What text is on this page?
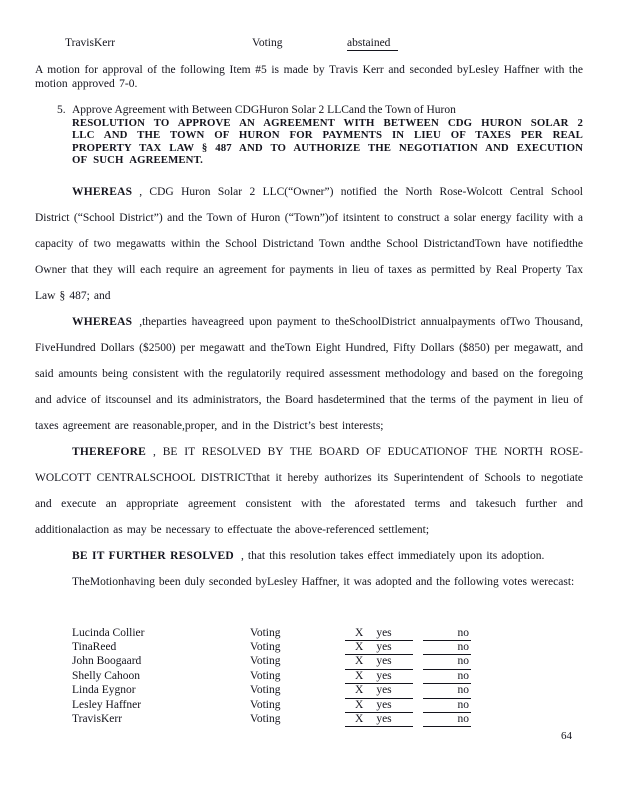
TravisKerr	Voting	abstained

A motion for approval of the following Item #5 is made by Travis Kerr and seconded byLesley Haffner with the motion approved 7-0.

5. Approve Agreement with Between CDGHuron Solar 2 LLCand the Town of Huron

RESOLUTION TO APPROVE AN AGREEMENT WITH BETWEEN CDG HURON SOLAR 2 LLC AND THE TOWN OF HURON FOR PAYMENTS IN LIEU OF TAXES PER REAL PROPERTY TAX LAW § 487 AND TO AUTHORIZE THE NEGOTIATION AND EXECUTION OF SUCH AGREEMENT.

WHEREAS , CDG Huron Solar 2 LLC(“Owner”) notified the North Rose-Wolcott Central School District (“School District”) and the Town of Huron (“Town”)of itsintent to construct a solar energy facility with a capacity of two megawatts within the School Districtand Town andthe School DistrictandTown have notifiedthe Owner that they will each require an agreement for payments in lieu of taxes as permitted by Real Property Tax Law § 487; and

WHEREAS ,theparties haveagreed upon payment to theSchoolDistrict annualpayments ofTwo Thousand, FiveHundred Dollars ($2500) per megawatt and theTown Eight Hundred, Fifty Dollars ($850) per megawatt, and said amounts being consistent with the regulatorily required assessment methodology and based on the foregoing and advice of itscounsel and its administrators, the Board hasdetermined that the terms of the payment in lieu of taxes agreement are reasonable,proper, and in the District’s best interests;

THEREFORE , BE IT RESOLVED BY THE BOARD OF EDUCATIONOF THE NORTH ROSE-WOLCOTT CENTRALSCHOOL DISTRICTthat it hereby authorizes its Superintendent of Schools to negotiate and execute an appropriate agreement consistent with the aforestated terms and takesuch further and additionalaction as may be necessary to effectuate the above-referenced settlement;

BE IT FURTHER RESOLVED , that this resolution takes effect immediately upon its adoption.

TheMotionhaving been duly seconded byLesley Haffner, it was adopted and the following votes werecast:

Lucinda Collier	Voting	X yes	no
TinaReed	Voting	X yes	no
John Boogaard	Voting	X yes	no
Shelly Cahoon	Voting	X yes	no
Linda Eygnor	Voting	X yes	no
Lesley Haffner	Voting	X yes	no
TravisKerr	Voting	X yes	no
64
